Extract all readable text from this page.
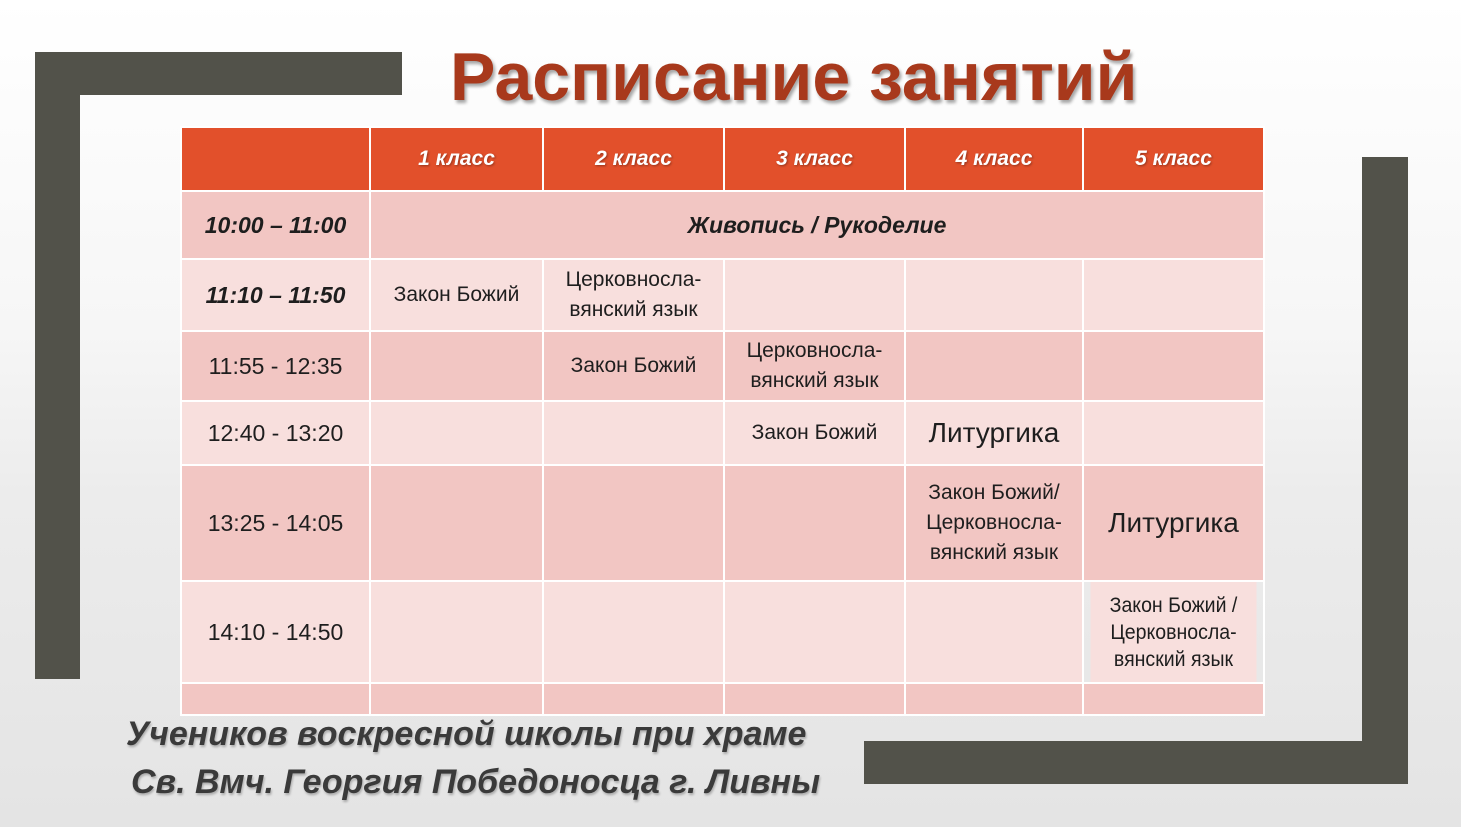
Расписание занятий
	1 класс	2 класс	3 класс	4 класс	5 класс
10:00 – 11:00	Живопись / Рукоделие				
11:10 – 11:50	Закон Божий	Церковносла-
вянский язык			
11:55 - 12:35		Закон Божий	Церковносла-
вянский язык		
12:40 - 13:20			Закон Божий	Литургика	
13:25 - 14:05				Закон Божий/
Церковносла-
вянский язык	Литургика
14:10 - 14:50					Закон Божий /
Церковносла-
вянский язык

Учеников воскресной школы при храме
Св. Вмч. Георгия Победоносца г. Ливны
